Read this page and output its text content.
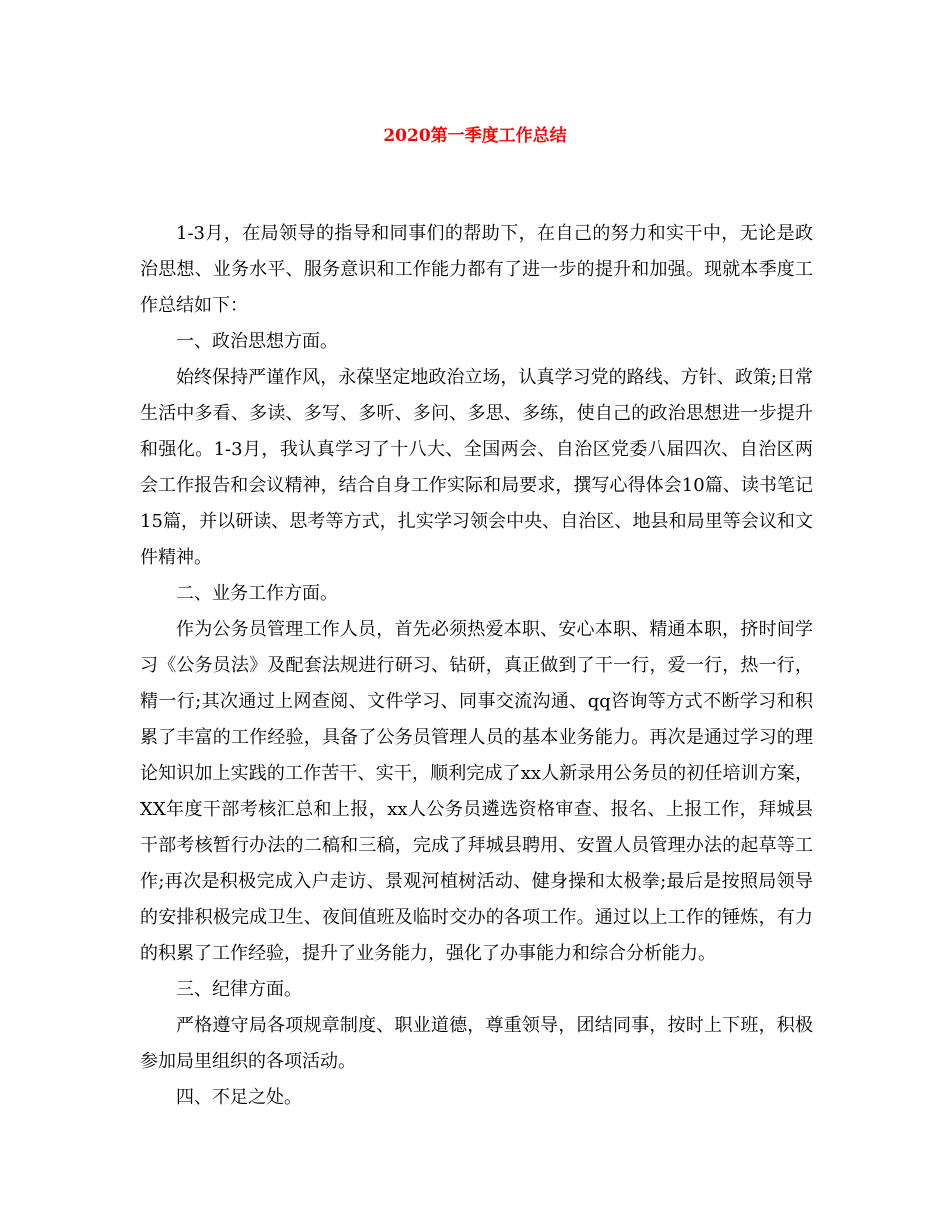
2020第一季度工作总结

1-3月，在局领导的指导和同事们的帮助下，在自己的努力和实干中，无论是政治思想、业务水平、服务意识和工作能力都有了进一步的提升和加强。现就本季度工作总结如下：

一、政治思想方面。

始终保持严谨作风，永葆坚定地政治立场，认真学习党的路线、方针、政策;日常生活中多看、多读、多写、多听、多问、多思、多练，使自己的政治思想进一步提升和强化。1-3月，我认真学习了十八大、全国两会、自治区党委八届四次、自治区两会工作报告和会议精神，结合自身工作实际和局要求，撰写心得体会10篇、读书笔记15篇，并以研读、思考等方式，扎实学习领会中央、自治区、地县和局里等会议和文件精神。

二、业务工作方面。

作为公务员管理工作人员，首先必须热爱本职、安心本职、精通本职，挤时间学习《公务员法》及配套法规进行研习、钻研，真正做到了干一行，爱一行，热一行，精一行;其次通过上网查阅、文件学习、同事交流沟通、qq咨询等方式不断学习和积累了丰富的工作经验，具备了公务员管理人员的基本业务能力。再次是通过学习的理论知识加上实践的工作苦干、实干，顺利完成了xx人新录用公务员的初任培训方案，XX年度干部考核汇总和上报，xx人公务员遴选资格审查、报名、上报工作，拜城县干部考核暂行办法的二稿和三稿，完成了拜城县聘用、安置人员管理办法的起草等工作;再次是积极完成入户走访、景观河植树活动、健身操和太极拳;最后是按照局领导的安排积极完成卫生、夜间值班及临时交办的各项工作。通过以上工作的锤炼，有力的积累了工作经验，提升了业务能力，强化了办事能力和综合分析能力。

三、纪律方面。

严格遵守局各项规章制度、职业道德，尊重领导，团结同事，按时上下班，积极参加局里组织的各项活动。

四、不足之处。
